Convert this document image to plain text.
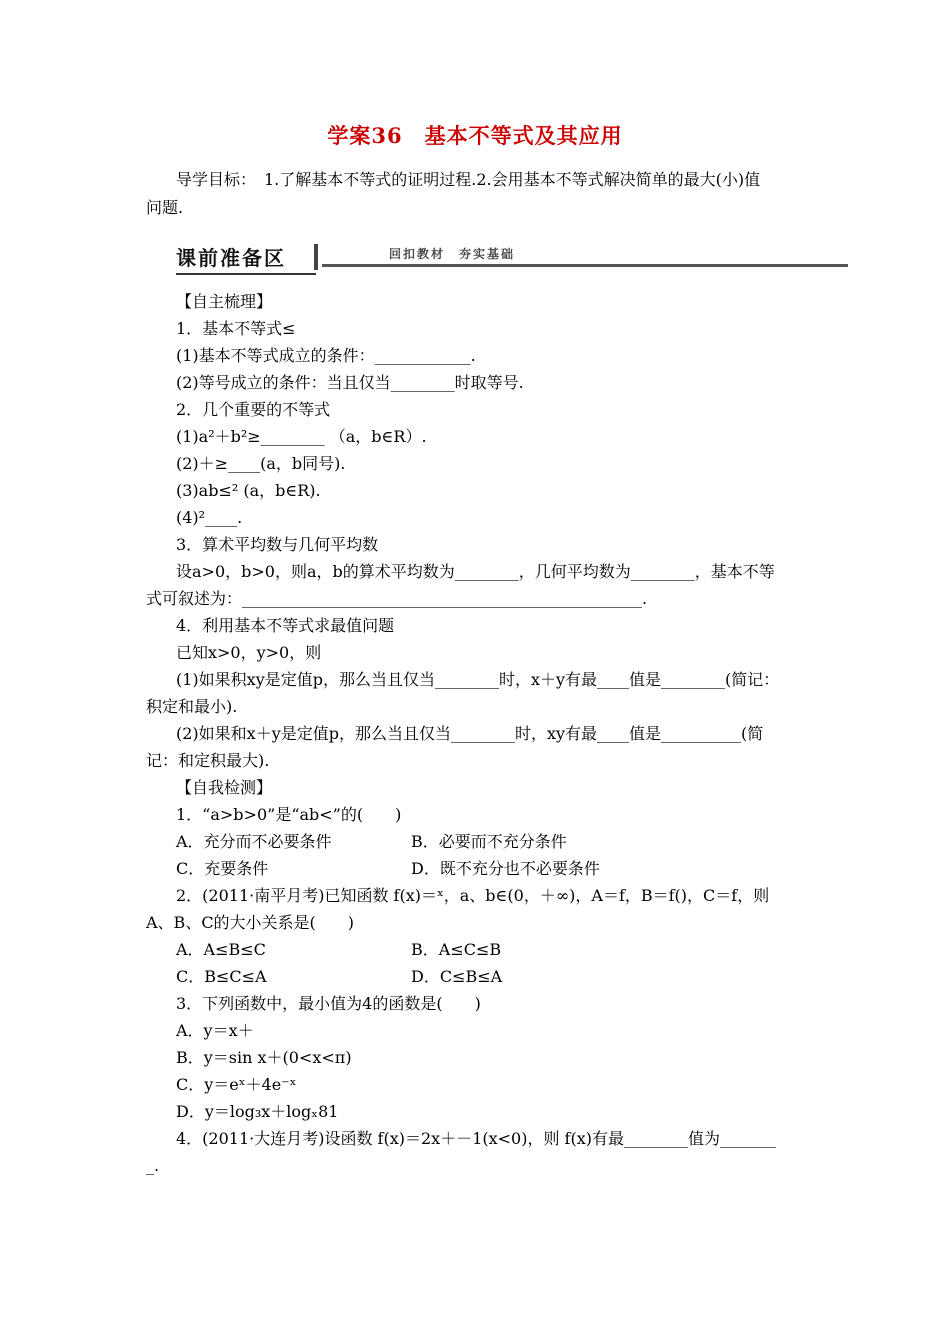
学案36　基本不等式及其应用
导学目标：　1.了解基本不等式的证明过程.2.会用基本不等式解决简单的最大(小)值
问题.
课前准备区	回扣教材　夯实基础
【自主梳理】
1．基本不等式≤
(1)基本不等式成立的条件：____________.
(2)等号成立的条件：当且仅当________时取等号.
2．几个重要的不等式
(1)a²＋b²≥________ （a，b∈R）.
(2)＋≥____(a，b同号).
(3)ab≤² (a，b∈R).
(4)²____.
3．算术平均数与几何平均数
设a>0，b>0，则a，b的算术平均数为________，几何平均数为________，基本不等
式可叙述为：__________________________________________________.
4．利用基本不等式求最值问题
已知x>0，y>0，则
(1)如果积xy是定值p，那么当且仅当________时，x＋y有最____值是________(简记：
积定和最小).
(2)如果和x＋y是定值p，那么当且仅当________时，xy有最____值是__________(简
记：和定积最大).
【自我检测】
1．“a>b>0”是“ab<”的(　　)
A．充分而不必要条件	B．必要而不充分条件
C．充要条件	D．既不充分也不必要条件
2．(2011·南平月考)已知函数 f(x)＝ˣ，a、b∈(0，＋∞)，A＝f，B＝f()，C＝f，则
A、B、C的大小关系是(　　)
A．A≤B≤C	B．A≤C≤B
C．B≤C≤A	D．C≤B≤A
3．下列函数中，最小值为4的函数是(　　)
A．y＝x＋
B．y＝sin x＋(0<x<π)
C．y＝eˣ＋4e⁻ˣ
D．y＝log₃x＋logₓ81
4．(2011·大连月考)设函数 f(x)＝2x＋－1(x<0)，则 f(x)有最________值为_______
_.
